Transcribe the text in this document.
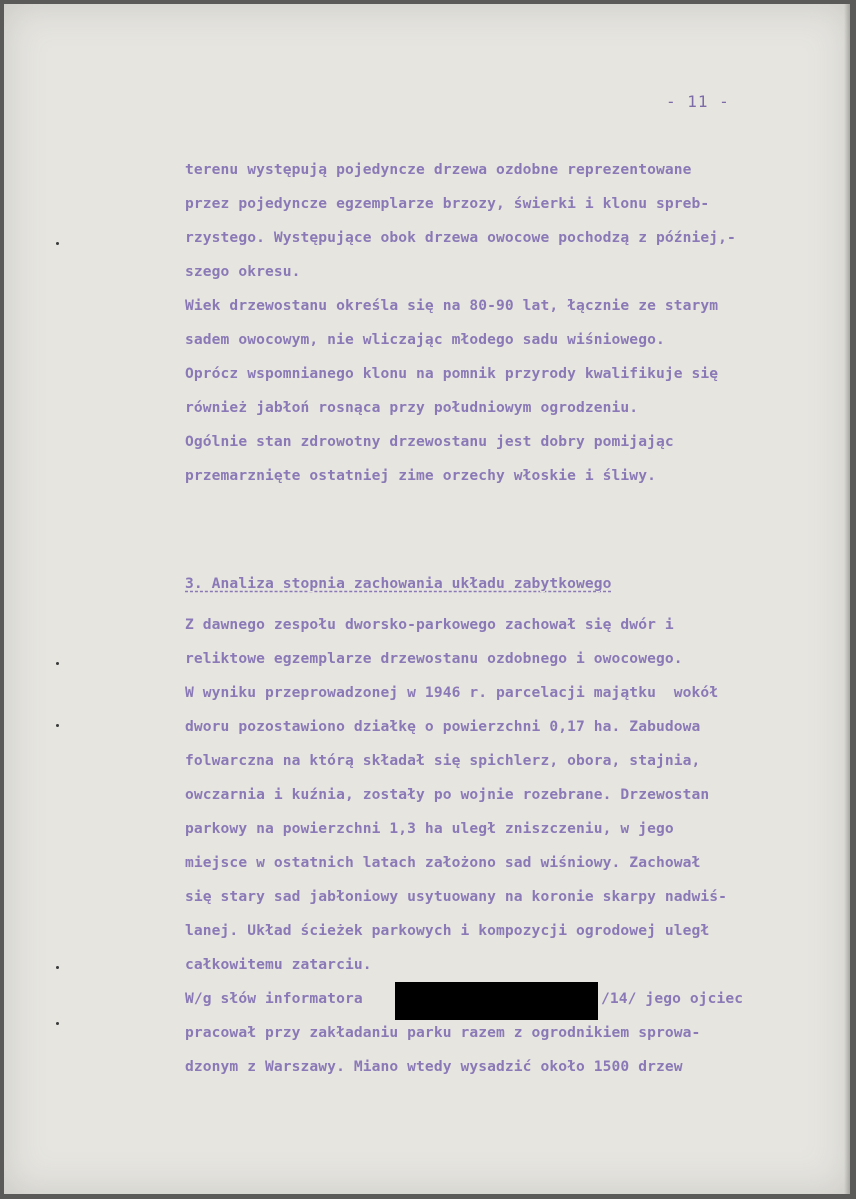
- 11 -
terenu występują pojedyncze drzewa ozdobne reprezentowane
przez pojedyncze egzemplarze brzozy, świerki i klonu spreb-
rzystego. Występujące obok drzewa owocowe pochodzą z później,-
szego okresu.
Wiek drzewostanu określa się na 80-90 lat, łącznie ze starym
sadem owocowym, nie wliczając młodego sadu wiśniowego.
Oprócz wspomnianego klonu na pomnik przyrody kwalifikuje się
również jabłoń rosnąca przy południowym ogrodzeniu.
Ogólnie stan zdrowotny drzewostanu jest dobry pomijając
przemarznięte ostatniej zime orzechy włoskie i śliwy.
3. Analiza stopnia zachowania układu zabytkowego
Z dawnego zespołu dworsko-parkowego zachował się dwór i
reliktowe egzemplarze drzewostanu ozdobnego i owocowego.
W wyniku przeprowadzonej w 1946 r. parcelacji majątku  wokół
dworu pozostawiono działkę o powierzchni 0,17 ha. Zabudowa
folwarczna na którą składał się spichlerz, obora, stajnia,
owczarnia i kuźnia, zostały po wojnie rozebrane. Drzewostan
parkowy na powierzchni 1,3 ha uległ zniszczeniu, w jego
miejsce w ostatnich latach założono sad wiśniowy. Zachował
się stary sad jabłoniowy usytuowany na koronie skarpy nadwiś-
lanej. Układ ścieżek parkowych i kompozycji ogrodowej uległ
całkowitemu zatarciu.
W/g słów informatora	/14/ jego ojciec
pracował przy zakładaniu parku razem z ogrodnikiem sprowa-
dzonym z Warszawy. Miano wtedy wysadzić około 1500 drzew
